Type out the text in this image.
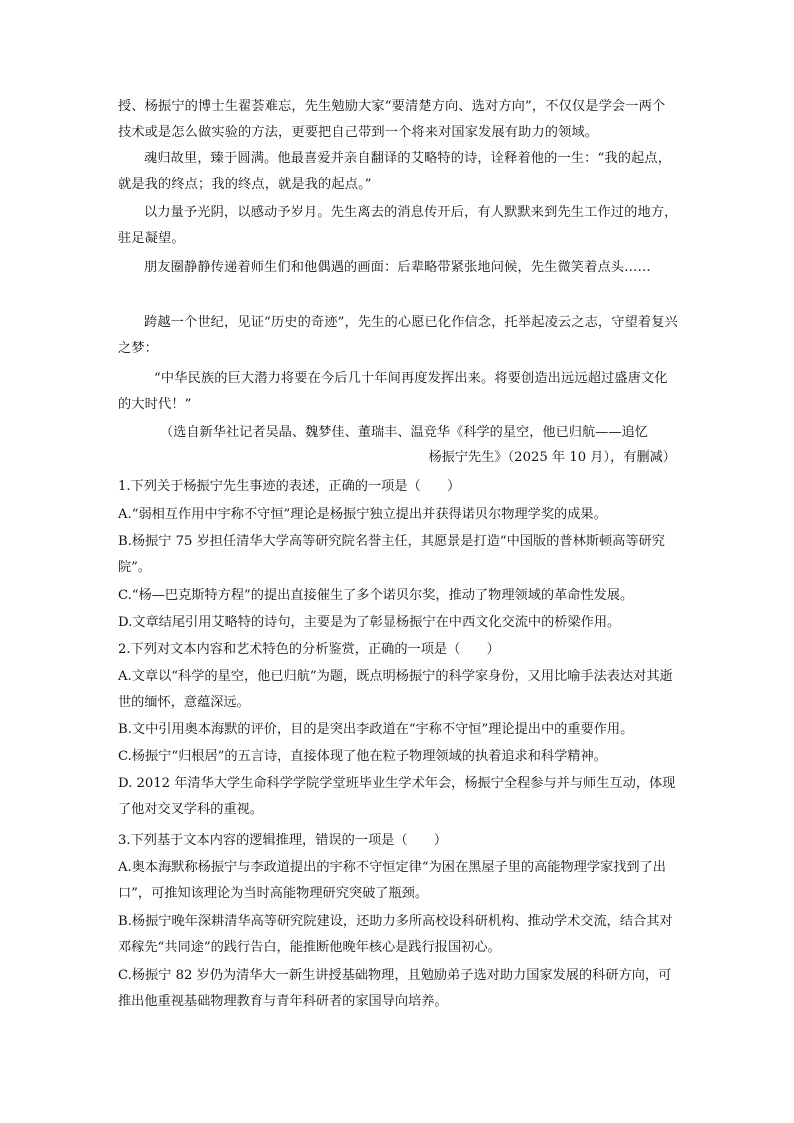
授、杨振宁的博士生翟荟难忘，先生勉励大家“要清楚方向、选对方向”，不仅仅是学会一两个技术或是怎么做实验的方法，更要把自己带到一个将来对国家发展有助力的领域。

魂归故里，臻于圆满。他最喜爱并亲自翻译的艾略特的诗，诠释着他的一生：“我的起点，就是我的终点；我的终点，就是我的起点。”

以力量予光阴，以感动予岁月。先生离去的消息传开后，有人默默来到先生工作过的地方，驻足凝望。

朋友圈静静传递着师生们和他偶遇的画面：后辈略带紧张地问候，先生微笑着点头……

跨越一个世纪，见证“历史的奇迹”，先生的心愿已化作信念，托举起凌云之志，守望着复兴之梦：

“中华民族的巨大潜力将要在今后几十年间再度发挥出来。将要创造出远远超过盛唐文化的大时代！”

（选自新华社记者吴晶、魏梦佳、董瑞丰、温竞华《科学的星空，他已归航——追忆
杨振宁先生》（2025 年 10 月），有删减）

1.下列关于杨振宁先生事迹的表述，正确的一项是（　　）

A.“弱相互作用中宇称不守恒”理论是杨振宁独立提出并获得诺贝尔物理学奖的成果。

B.杨振宁 75 岁担任清华大学高等研究院名誉主任，其愿景是打造“中国版的普林斯顿高等研究院”。

C.“杨—巴克斯特方程”的提出直接催生了多个诺贝尔奖，推动了物理领域的革命性发展。

D.文章结尾引用艾略特的诗句，主要是为了彰显杨振宁在中西文化交流中的桥梁作用。

2.下列对文本内容和艺术特色的分析鉴赏，正确的一项是（　　）

A.文章以“科学的星空，他已归航”为题，既点明杨振宁的科学家身份，又用比喻手法表达对其逝世的缅怀，意蕴深远。

B.文中引用奥本海默的评价，目的是突出李政道在“宇称不守恒”理论提出中的重要作用。

C.杨振宁“归根居”的五言诗，直接体现了他在粒子物理领域的执着追求和科学精神。

D. 2012 年清华大学生命科学学院学堂班毕业生学术年会，杨振宁全程参与并与师生互动，体现了他对交叉学科的重视。

3.下列基于文本内容的逻辑推理，错误的一项是（　　）

A.奥本海默称杨振宁与李政道提出的宇称不守恒定律“为困在黑屋子里的高能物理学家找到了出口”，可推知该理论为当时高能物理研究突破了瓶颈。

B.杨振宁晚年深耕清华高等研究院建设，还助力多所高校设科研机构、推动学术交流，结合其对邓稼先“共同途”的践行告白，能推断他晚年核心是践行报国初心。

C.杨振宁 82 岁仍为清华大一新生讲授基础物理，且勉励弟子选对助力国家发展的科研方向，可推出他重视基础物理教育与青年科研者的家国导向培养。
